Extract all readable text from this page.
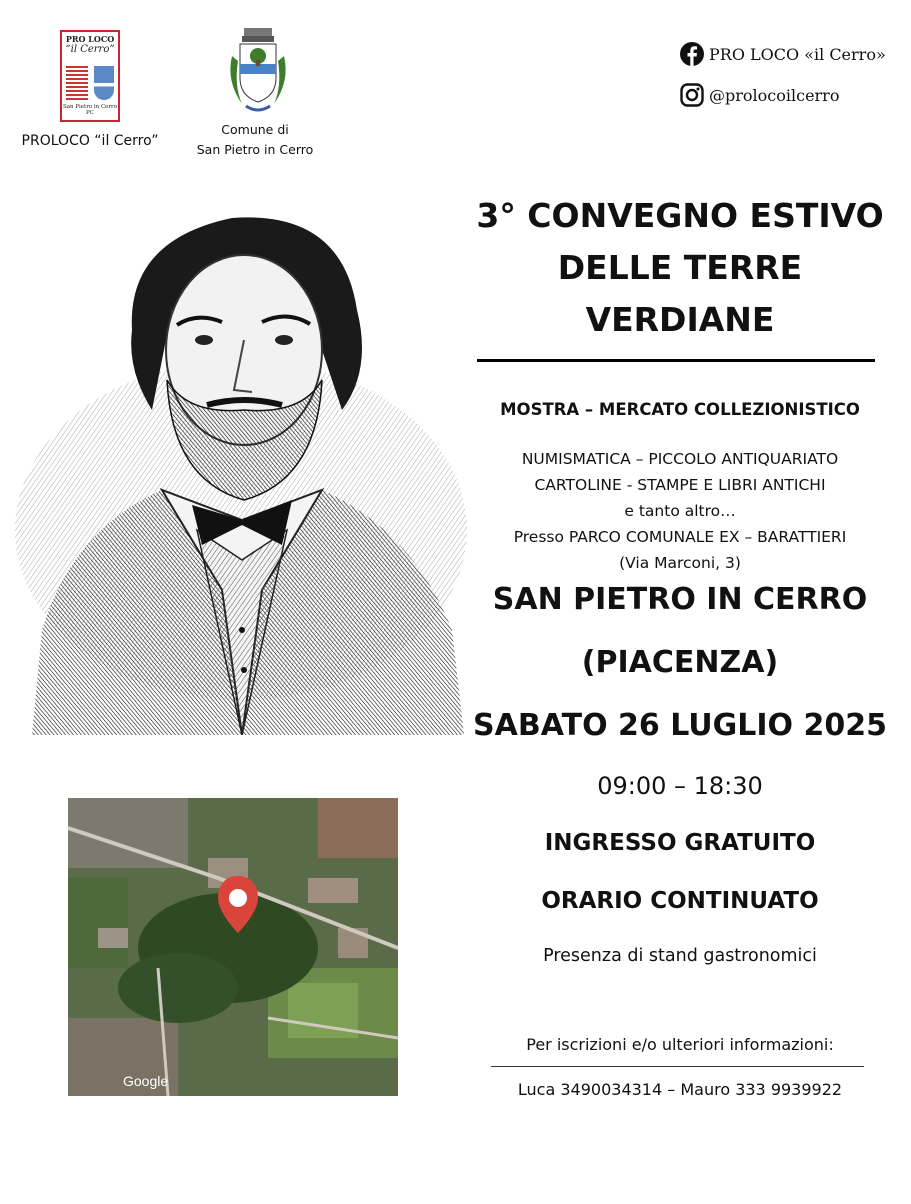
PRO LOCO
“il Cerro”
San Pietro in Cerro PC
PROLOCO “il Cerro”
Comune di
San Pietro in Cerro
PRO LOCO «il Cerro»
@prolocoilcerro
Google
3° CONVEGNO ESTIVO
DELLE TERRE
VERDIANE
MOSTRA – MERCATO COLLEZIONISTICO
NUMISMATICA – PICCOLO ANTIQUARIATO
CARTOLINE - STAMPE E LIBRI ANTICHI
e tanto altro…
Presso PARCO COMUNALE EX – BARATTIERI
(Via Marconi, 3)
SAN PIETRO IN CERRO
(PIACENZA)
SABATO 26 LUGLIO 2025
09:00 – 18:30
INGRESSO GRATUITO
ORARIO CONTINUATO
Presenza di stand gastronomici
Per iscrizioni e/o ulteriori informazioni:
Luca 3490034314 – Mauro 333 9939922
